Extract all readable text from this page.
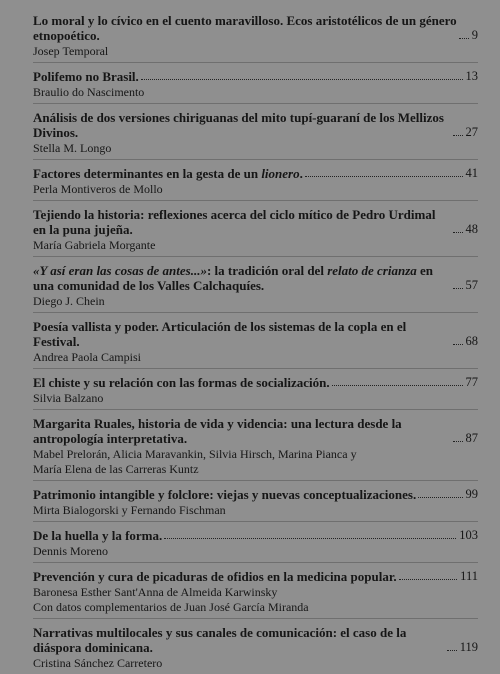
Lo moral y lo cívico en el cuento maravilloso. Ecos aristotélicos de un género etnopoético.	9
Josep Temporal
Polifemo no Brasil.	13
Braulio do Nascimento
Análisis de dos versiones chiriguanas del mito tupí-guaraní de los Mellizos Divinos.	27
Stella M. Longo
Factores determinantes en la gesta de un lionero.	41
Perla Montiveros de Mollo
Tejiendo la historia: reflexiones acerca del ciclo mítico de Pedro Urdimal en la puna jujeña.	48
María Gabriela Morgante
«Y así eran las cosas de antes...»: la tradición oral del relato de crianza en una comunidad de los Valles Calchaquíes.	57
Diego J. Chein
Poesía vallista y poder. Articulación de los sistemas de la copla en el Festival.	68
Andrea Paola Campisi
El chiste y su relación con las formas de socialización.	77
Silvia Balzano
Margarita Ruales, historia de vida y videncia: una lectura desde la antropología interpretativa.	87
Mabel Prelorán, Alicia Maravankin, Silvia Hirsch, Marina Pianca y
María Elena de las Carreras Kuntz
Patrimonio intangible y folclore: viejas y nuevas conceptualizaciones.	99
Mirta Bialogorski y Fernando Fischman
De la huella y la forma.	103
Dennis Moreno
Prevención y cura de picaduras de ofidios en la medicina popular.	111
Baronesa Esther Sant'Anna de Almeida Karwinsky
Con datos complementarios de Juan José García Miranda
Narrativas multilocales y sus canales de comunicación: el caso de la diáspora dominicana.	119
Cristina Sánchez Carretero
